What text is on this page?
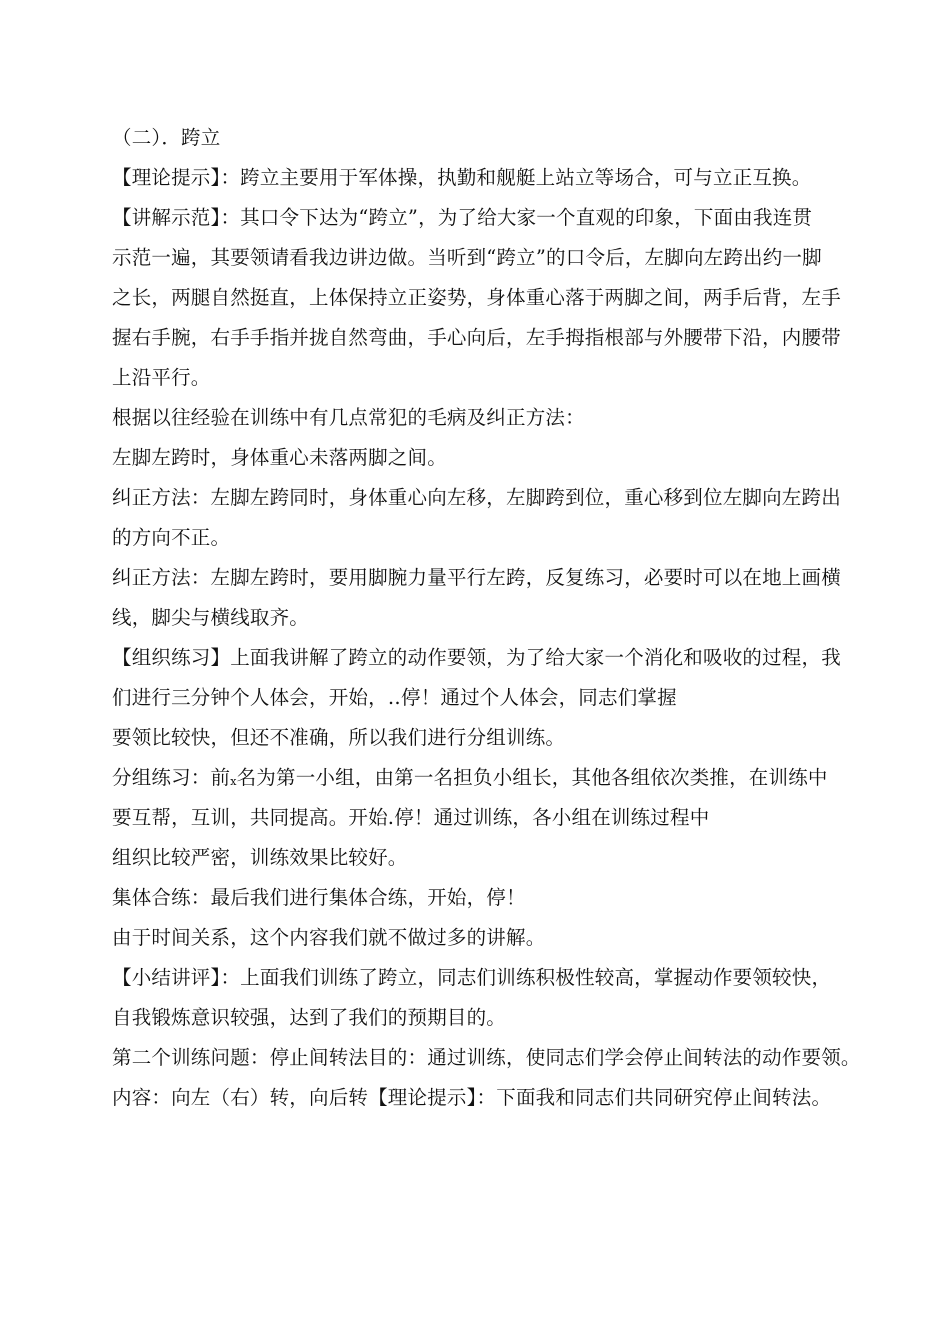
（二）．跨立
【理论提示】：跨立主要用于军体操，执勤和舰艇上站立等场合，可与立正互换。
【讲解示范】：其口令下达为“跨立”，为了给大家一个直观的印象，下面由我连贯
示范一遍，其要领请看我边讲边做。当听到“跨立”的口令后，左脚向左跨出约一脚
之长，两腿自然挺直，上体保持立正姿势，身体重心落于两脚之间，两手后背，左手
握右手腕，右手手指并拢自然弯曲，手心向后，左手拇指根部与外腰带下沿，内腰带
上沿平行。
根据以往经验在训练中有几点常犯的毛病及纠正方法：
左脚左跨时，身体重心未落两脚之间。
纠正方法：左脚左跨同时，身体重心向左移，左脚跨到位，重心移到位左脚向左跨出
的方向不正。
纠正方法：左脚左跨时，要用脚腕力量平行左跨，反复练习，必要时可以在地上画横
线，脚尖与横线取齐。
【组织练习】上面我讲解了跨立的动作要领，为了给大家一个消化和吸收的过程，我
们进行三分钟个人体会，开始，‥停！通过个人体会，同志们掌握
要领比较快，但还不准确，所以我们进行分组训练。
分组练习：前x名为第一小组，由第一名担负小组长，其他各组依次类推，在训练中
要互帮，互训，共同提高。开始.停！通过训练，各小组在训练过程中
组织比较严密，训练效果比较好。
集体合练：最后我们进行集体合练，开始，停！
由于时间关系，这个内容我们就不做过多的讲解。
【小结讲评】：上面我们训练了跨立，同志们训练积极性较高，掌握动作要领较快，
自我锻炼意识较强，达到了我们的预期目的。
第二个训练问题：停止间转法目的：通过训练，使同志们学会停止间转法的动作要领。
内容：向左（右）转，向后转【理论提示】：下面我和同志们共同研究停止间转法。
